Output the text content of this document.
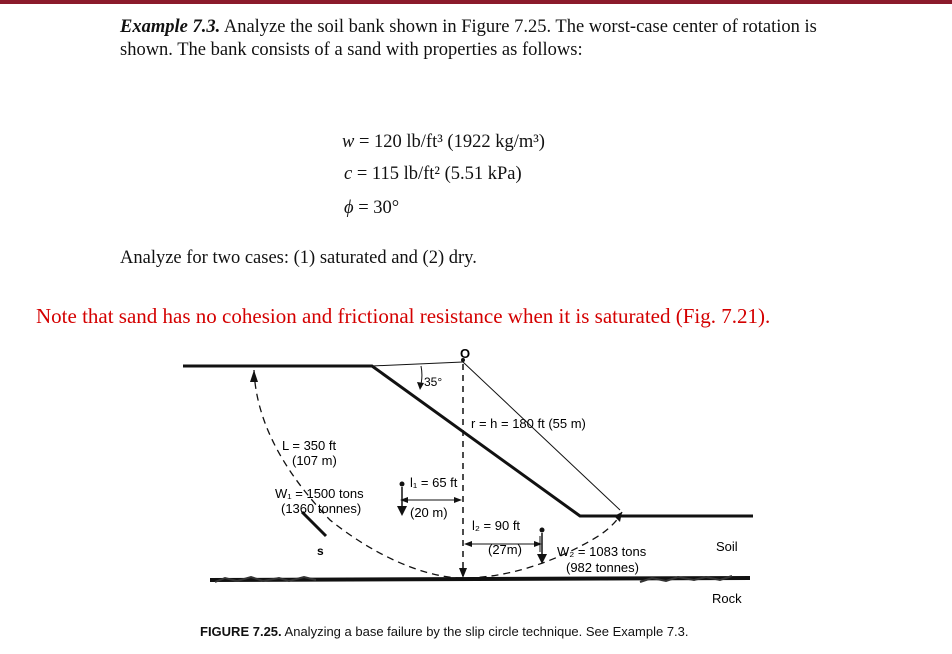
Example 7.3. Analyze the soil bank shown in Figure 7.25. The worst-case center of rotation is shown. The bank consists of a sand with properties as follows:
w = 120 lb/ft³ (1922 kg/m³)
c = 115 lb/ft² (5.51 kPa)
ϕ = 30°
Analyze for two cases: (1) saturated and (2) dry.
Note that sand has no cohesion and frictional resistance when it is saturated (Fig. 7.21).
O
35°
r = h = 180 ft (55 m)
L = 350 ft
(107 m)
W₁ = 1500 tons
(1360 tonnes)
l₁ = 65 ft
(20 m)
l₂ = 90 ft
(27m)	W₂ = 1083 tons
(982 tonnes)
s	Soil
Rock
FIGURE 7.25. Analyzing a base failure by the slip circle technique. See Example 7.3.
